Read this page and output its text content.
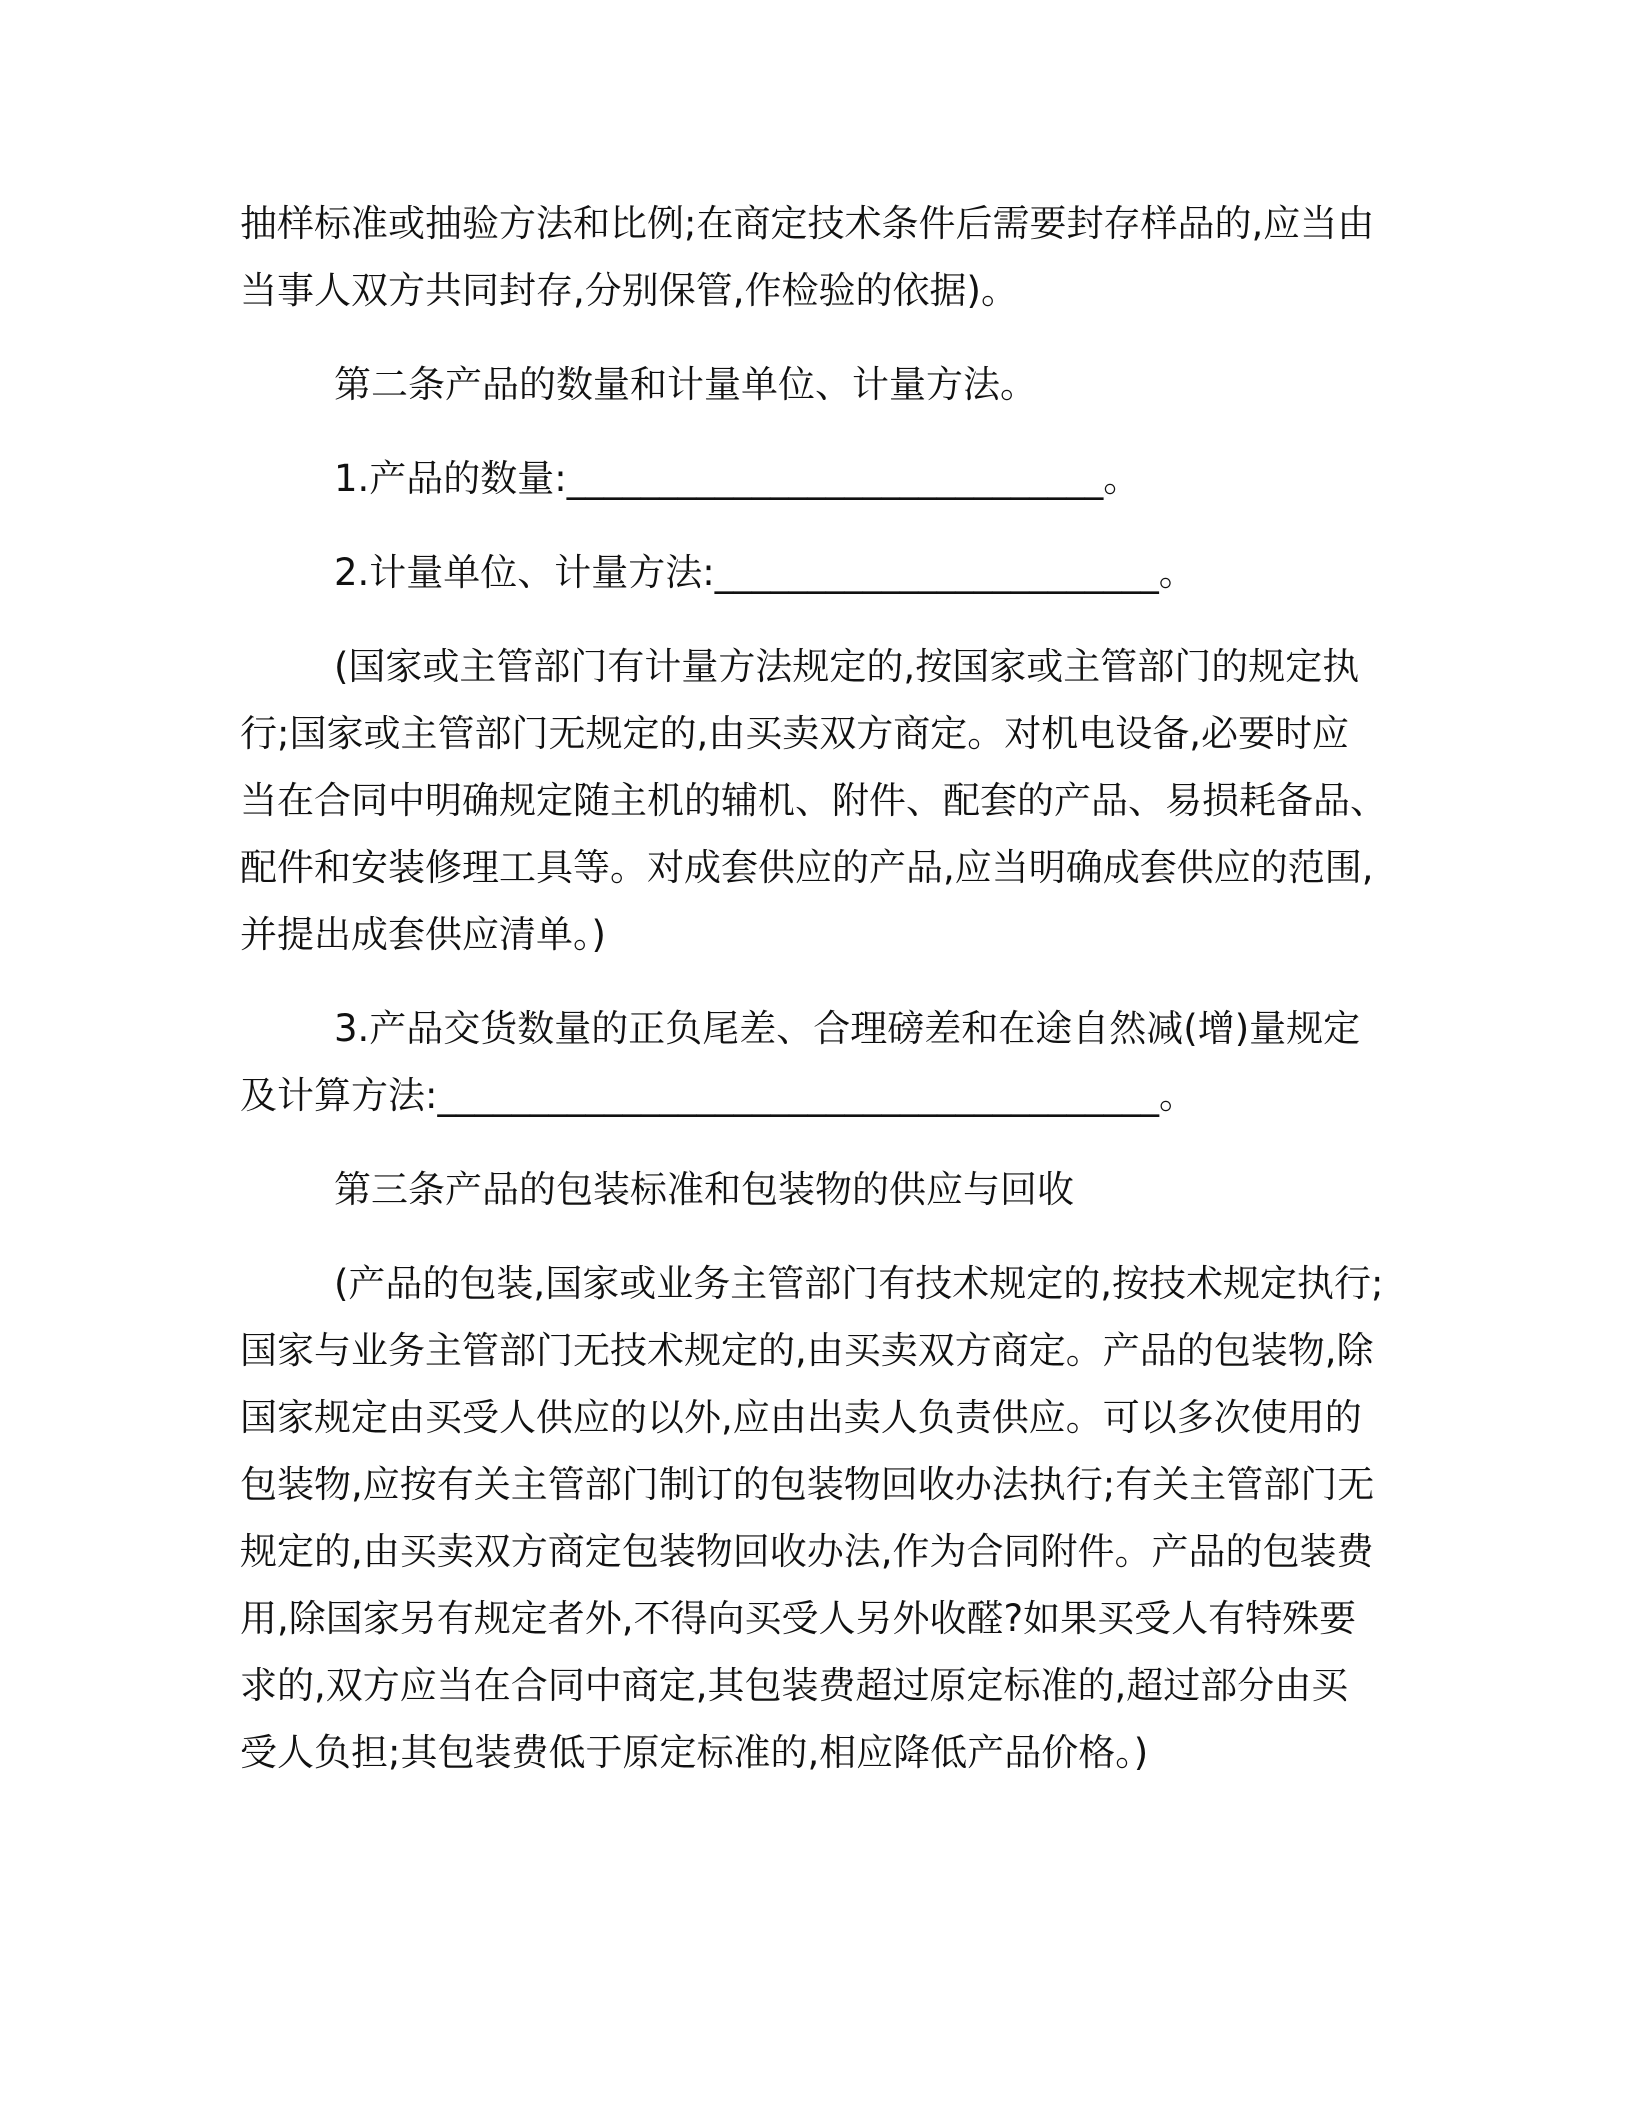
抽样标准或抽验方法和比例;在商定技术条件后需要封存样品的,应当由
当事人双方共同封存,分别保管,作检验的依据)。
第二条产品的数量和计量单位、计量方法。
1.产品的数量:_____________________________。
2.计量单位、计量方法:________________________。
(国家或主管部门有计量方法规定的,按国家或主管部门的规定执
行;国家或主管部门无规定的,由买卖双方商定。对机电设备,必要时应
当在合同中明确规定随主机的辅机、附件、配套的产品、易损耗备品、
配件和安装修理工具等。对成套供应的产品,应当明确成套供应的范围,
并提出成套供应清单。)
3.产品交货数量的正负尾差、合理磅差和在途自然减(增)量规定
及计算方法:_______________________________________。
第三条产品的包装标准和包装物的供应与回收
(产品的包装,国家或业务主管部门有技术规定的,按技术规定执行;
国家与业务主管部门无技术规定的,由买卖双方商定。产品的包装物,除
国家规定由买受人供应的以外,应由出卖人负责供应。可以多次使用的
包装物,应按有关主管部门制订的包装物回收办法执行;有关主管部门无
规定的,由买卖双方商定包装物回收办法,作为合同附件。产品的包装费
用,除国家另有规定者外,不得向买受人另外收醛?如果买受人有特殊要
求的,双方应当在合同中商定,其包装费超过原定标准的,超过部分由买
受人负担;其包装费低于原定标准的,相应降低产品价格。)
